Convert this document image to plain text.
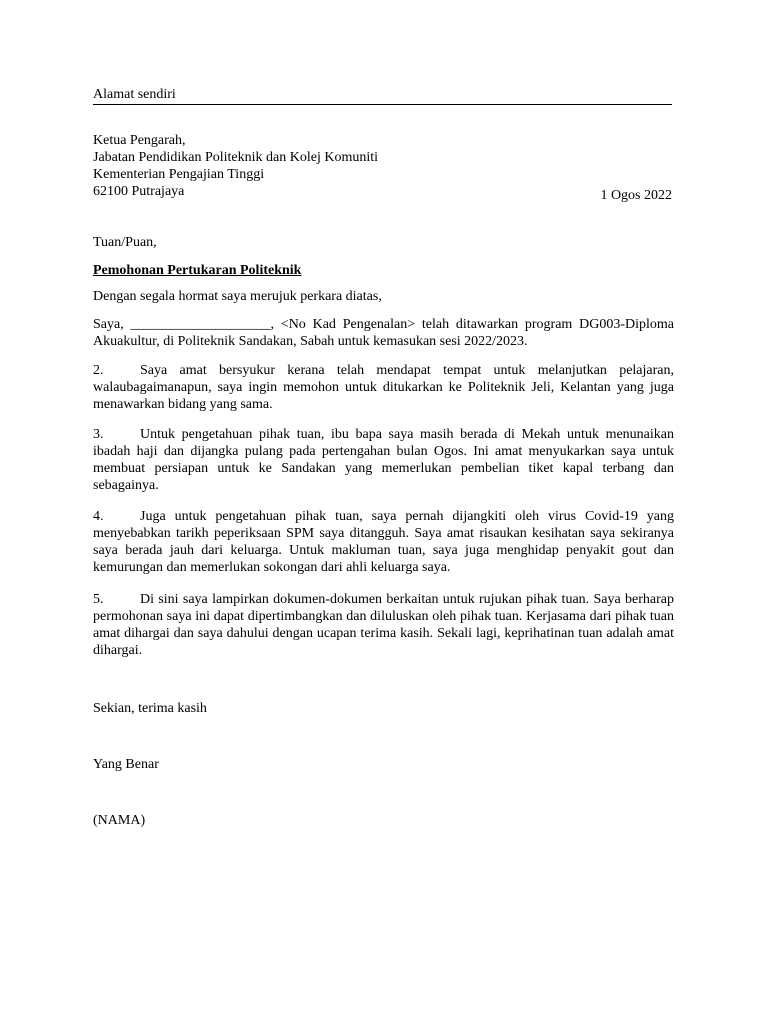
Alamat sendiri
Ketua Pengarah,
Jabatan Pendidikan Politeknik dan Kolej Komuniti
Kementerian Pengajian Tinggi
62100 Putrajaya	1 Ogos 2022
Tuan/Puan,
Pemohonan Pertukaran Politeknik
Dengan segala hormat saya merujuk perkara diatas,
Saya, ____________________, <No Kad Pengenalan> telah ditawarkan program DG003-Diploma Akuakultur, di Politeknik Sandakan, Sabah untuk kemasukan sesi 2022/2023.
2.	Saya amat bersyukur kerana telah mendapat tempat untuk melanjutkan pelajaran, walaubagaimanapun, saya ingin memohon untuk ditukarkan ke Politeknik Jeli, Kelantan yang juga menawarkan bidang yang sama.
3.	Untuk pengetahuan pihak tuan, ibu bapa saya masih berada di Mekah untuk menunaikan ibadah haji dan dijangka pulang pada pertengahan bulan Ogos. Ini amat menyukarkan saya untuk membuat persiapan untuk ke Sandakan yang memerlukan pembelian tiket kapal terbang dan sebagainya.
4.	Juga untuk pengetahuan pihak tuan, saya pernah dijangkiti oleh virus Covid-19 yang menyebabkan tarikh peperiksaan SPM saya ditangguh. Saya amat risaukan kesihatan saya sekiranya saya berada jauh dari keluarga. Untuk makluman tuan, saya juga menghidap penyakit gout dan kemurungan dan memerlukan sokongan dari ahli keluarga saya.
5.	Di sini saya lampirkan dokumen-dokumen berkaitan untuk rujukan pihak tuan. Saya berharap permohonan saya ini dapat dipertimbangkan dan diluluskan oleh pihak tuan. Kerjasama dari pihak tuan amat dihargai dan saya dahului dengan ucapan terima kasih. Sekali lagi, keprihatinan tuan adalah amat dihargai.
Sekian, terima kasih
Yang Benar
(NAMA)
